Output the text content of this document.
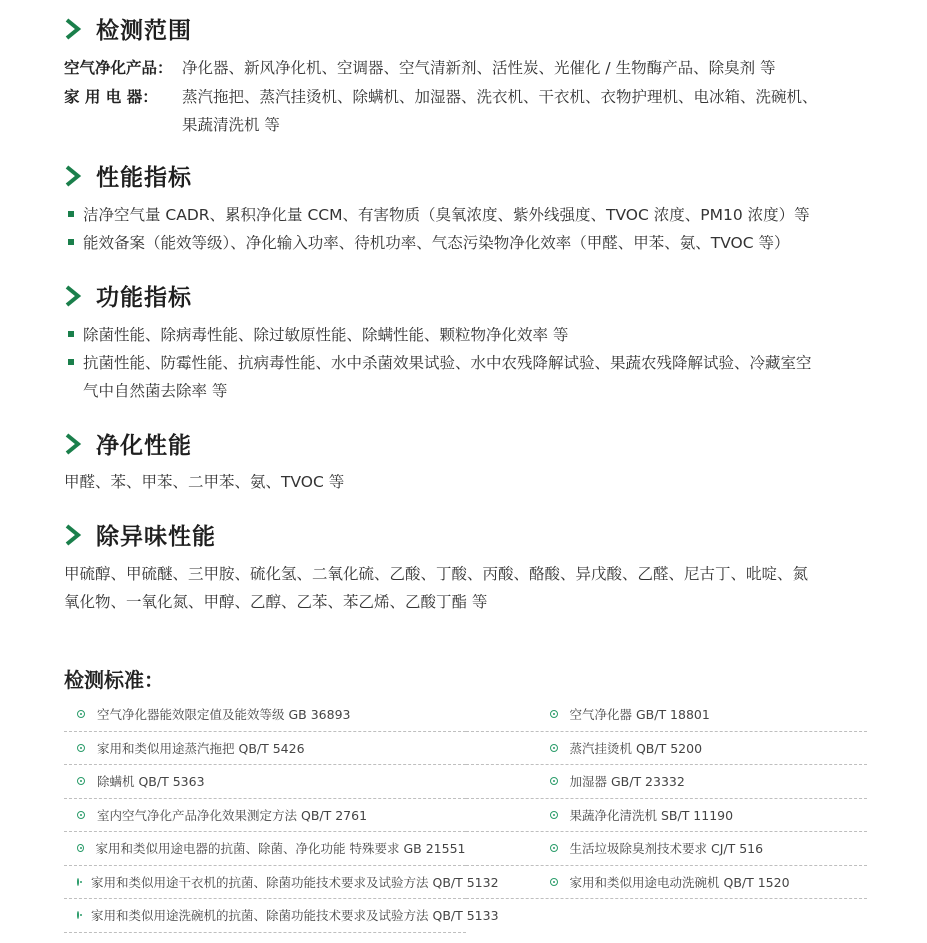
检测范围
空气净化产品： 净化器、新风净化机、空调器、空气清新剂、活性炭、光催化 / 生物酶产品、除臭剂 等
家 用 电 器： 蒸汽拖把、蒸汽挂烫机、除螨机、加湿器、洗衣机、干衣机、衣物护理机、电冰箱、洗碗机、
果蔬清洗机 等
性能指标
洁净空气量 CADR、累积净化量 CCM、有害物质（臭氧浓度、紫外线强度、TVOC 浓度、PM10 浓度）等
能效备案（能效等级）、净化输入功率、待机功率、气态污染物净化效率（甲醛、甲苯、氨、TVOC 等）
功能指标
除菌性能、除病毒性能、除过敏原性能、除螨性能、颗粒物净化效率 等
抗菌性能、防霉性能、抗病毒性能、水中杀菌效果试验、水中农残降解试验、果蔬农残降解试验、冷藏室空
气中自然菌去除率 等
净化性能
甲醛、苯、甲苯、二甲苯、氨、TVOC 等
除异味性能
甲硫醇、甲硫醚、三甲胺、硫化氢、二氧化硫、乙酸、丁酸、丙酸、酪酸、异戊酸、乙醛、尼古丁、吡啶、氮
氧化物、一氧化氮、甲醇、乙醇、乙苯、苯乙烯、乙酸丁酯 等
检测标准：
空气净化器能效限定值及能效等级 GB 36893	空气净化器 GB/T 18801
家用和类似用途蒸汽拖把 QB/T 5426	蒸汽挂烫机 QB/T 5200
除螨机 QB/T 5363	加湿器 GB/T 23332
室内空气净化产品净化效果测定方法 QB/T 2761	果蔬净化清洗机 SB/T 11190
家用和类似用途电器的抗菌、除菌、净化功能 特殊要求 GB 21551	生活垃圾除臭剂技术要求 CJ/T 516
家用和类似用途干衣机的抗菌、除菌功能技术要求及试验方法 QB/T 5132	家用和类似用途电动洗碗机 QB/T 1520
家用和类似用途洗碗机的抗菌、除菌功能技术要求及试验方法 QB/T 5133
